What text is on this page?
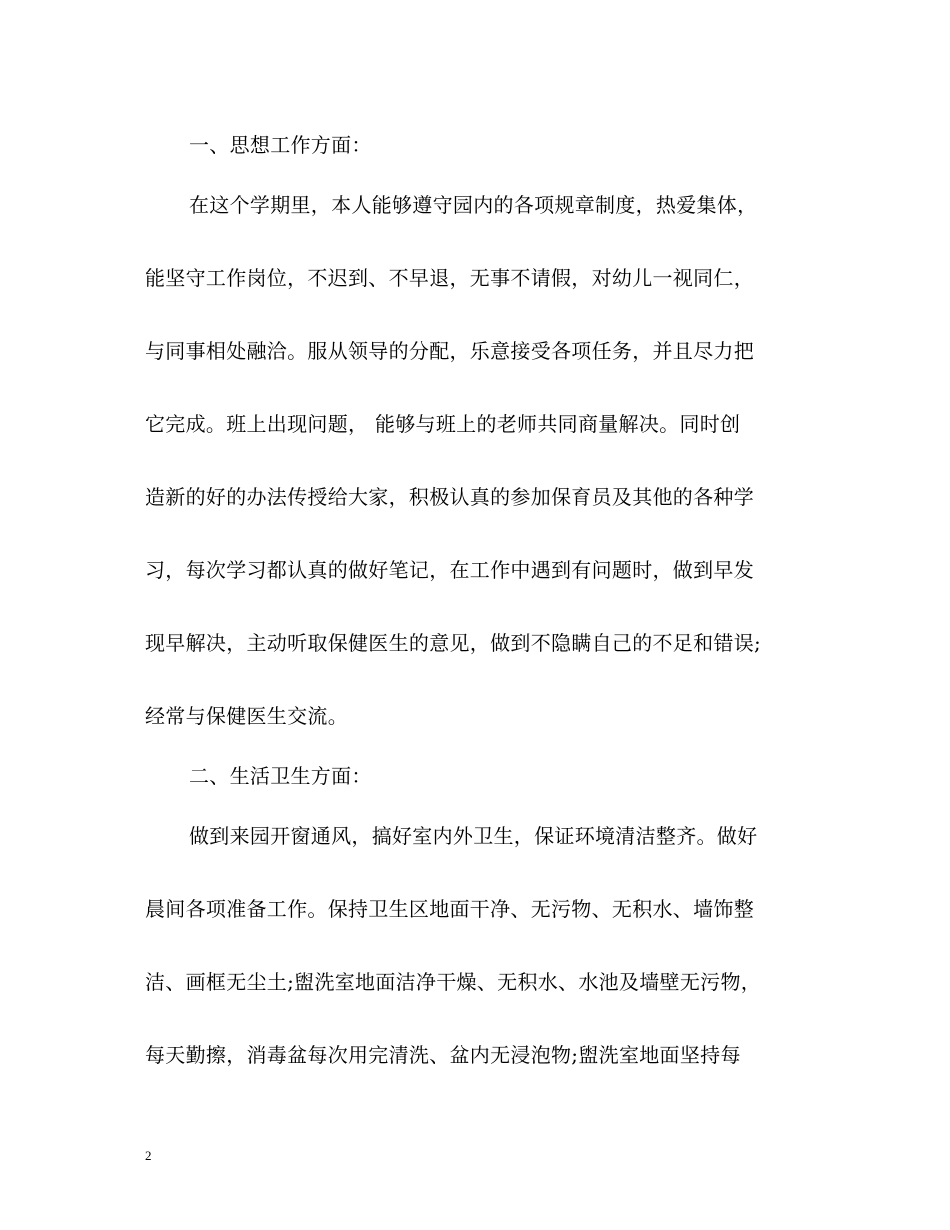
一、思想工作方面：
在这个学期里，本人能够遵守园内的各项规章制度，热爱集体，
能坚守工作岗位，不迟到、不早退，无事不请假，对幼儿一视同仁，
与同事相处融洽。服从领导的分配，乐意接受各项任务，并且尽力把
它完成。班上出现问题， 能够与班上的老师共同商量解决。同时创
造新的好的办法传授给大家，积极认真的参加保育员及其他的各种学
习，每次学习都认真的做好笔记，在工作中遇到有问题时，做到早发
现早解决，主动听取保健医生的意见，做到不隐瞒自己的不足和错误;
经常与保健医生交流。
二、生活卫生方面：
做到来园开窗通风，搞好室内外卫生，保证环境清洁整齐。做好
晨间各项准备工作。保持卫生区地面干净、无污物、无积水、墙饰整
洁、画框无尘土;盥洗室地面洁净干燥、无积水、水池及墙壁无污物，
每天勤擦，消毒盆每次用完清洗、盆内无浸泡物;盥洗室地面坚持每
2
